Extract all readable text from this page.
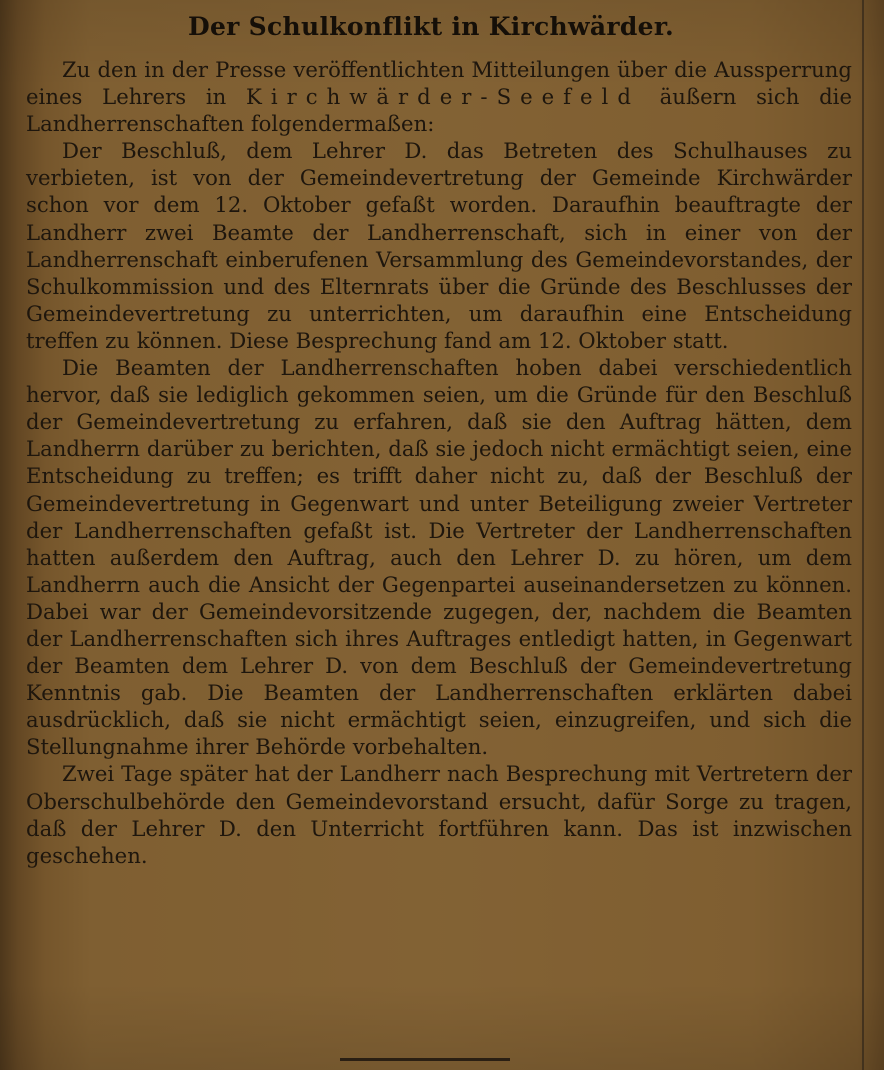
Der Schulkonflikt in Kirchwärder.

Zu den in der Presse veröffentlichten Mitteilungen über die Aussperrung eines Lehrers in Kirchwärder-Seefeld äußern sich die Landherrenschaften folgendermaßen:

Der Beschluß, dem Lehrer D. das Betreten des Schulhauses zu verbieten, ist von der Gemeindevertretung der Gemeinde Kirchwärder schon vor dem 12. Oktober gefaßt worden. Daraufhin beauftragte der Landherr zwei Beamte der Landherrenschaft, sich in einer von der Landherrenschaft einberufenen Versammlung des Gemeindevorstandes, der Schulkommission und des Elternrats über die Gründe des Beschlusses der Gemeindevertretung zu unterrichten, um daraufhin eine Entscheidung treffen zu können. Diese Besprechung fand am 12. Oktober statt.

Die Beamten der Landherrenschaften hoben dabei verschiedentlich hervor, daß sie lediglich gekommen seien, um die Gründe für den Beschluß der Gemeindevertretung zu erfahren, daß sie den Auftrag hätten, dem Landherrn darüber zu berichten, daß sie jedoch nicht ermächtigt seien, eine Entscheidung zu treffen; es trifft daher nicht zu, daß der Beschluß der Gemeindevertretung in Gegenwart und unter Beteiligung zweier Vertreter der Landherrenschaften gefaßt ist. Die Vertreter der Landherrenschaften hatten außerdem den Auftrag, auch den Lehrer D. zu hören, um dem Landherrn auch die Ansicht der Gegenpartei auseinandersetzen zu können. Dabei war der Gemeindevorsitzende zugegen, der, nachdem die Beamten der Landherrenschaften sich ihres Auftrages entledigt hatten, in Gegenwart der Beamten dem Lehrer D. von dem Beschluß der Gemeindevertretung Kenntnis gab. Die Beamten der Landherrenschaften erklärten dabei ausdrücklich, daß sie nicht ermächtigt seien, einzugreifen, und sich die Stellungnahme ihrer Behörde vorbehalten.

Zwei Tage später hat der Landherr nach Besprechung mit Vertretern der Oberschulbehörde den Gemeindevorstand ersucht, dafür Sorge zu tragen, daß der Lehrer D. den Unterricht fortführen kann. Das ist inzwischen geschehen.
